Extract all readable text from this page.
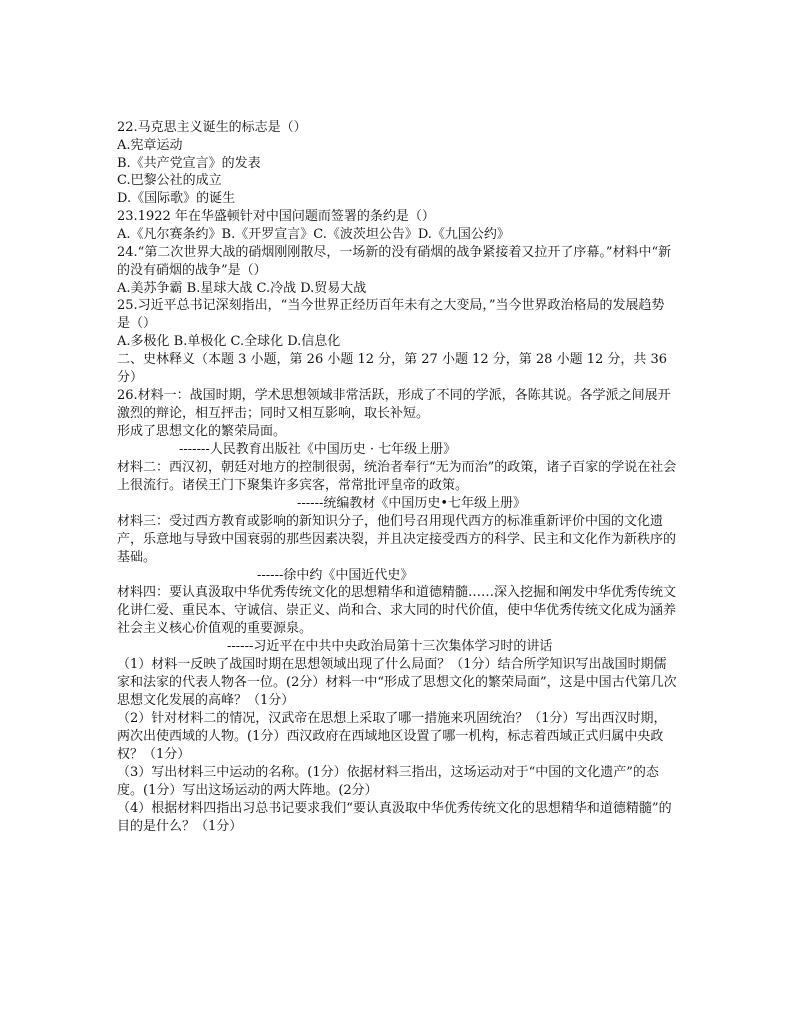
22.马克思主义诞生的标志是（）
A.宪章运动
B.《共产党宣言》的发表
C.巴黎公社的成立
D.《国际歌》的诞生
23.1922 年在华盛顿针对中国问题而签署的条约是（）
A.《凡尔赛条约》B.《开罗宣言》C.《波茨坦公告》D.《九国公约》
24.“第二次世界大战的硝烟刚刚散尽，一场新的没有硝烟的战争紧接着又拉开了序幕。”材料中“新的没有硝烟的战争”是（）
A.美苏争霸 B.星球大战 C.冷战 D.贸易大战
25.习近平总书记深刻指出，“当今世界正经历百年未有之大变局，”当今世界政治格局的发展趋势是（）
A.多极化 B.单极化 C.全球化 D.信息化
二、史林释义（本题 3 小题，第 26 小题 12 分，第 27 小题 12 分，第 28 小题 12 分，共 36 分）
26.材料一：战国时期，学术思想领域非常活跃，形成了不同的学派，各陈其说。各学派之间展开激烈的辩论，相互抨击；同时又相互影响，取长补短。
形成了思想文化的繁荣局面。
-------人民教育出版社《中国历史 · 七年级上册》
材料二：西汉初，朝廷对地方的控制很弱，统治者奉行“无为而治”的政策，诸子百家的学说在社会上很流行。诸侯王门下聚集许多宾客，常常批评皇帝的政策。
------统编教材《中国历史•七年级上册》
材料三：受过西方教育或影响的新知识分子，他们号召用现代西方的标准重新评价中国的文化遗产，乐意地与导致中国衰弱的那些因素决裂，并且决定接受西方的科学、民主和文化作为新秩序的基础。
------徐中约《中国近代史》
材料四：要认真汲取中华优秀传统文化的思想精华和道德精髓……深入挖掘和阐发中华优秀传统文化讲仁爱、重民本、守诚信、崇正义、尚和合、求大同的时代价值，使中华优秀传统文化成为涵养社会主义核心价值观的重要源泉。
------习近平在中共中央政治局第十三次集体学习时的讲话
（1）材料一反映了战国时期在思想领域出现了什么局面？（1分）结合所学知识写出战国时期儒家和法家的代表人物各一位。(2分）材料一中“形成了思想文化的繁荣局面”，这是中国古代第几次思想文化发展的高峰？（1分）
（2）针对材料二的情况，汉武帝在思想上采取了哪一措施来巩固统治？（1分）写出西汉时期，两次出使西域的人物。(1分）西汉政府在西域地区设置了哪一机构，标志着西域正式归属中央政权？（1分）
（3）写出材料三中运动的名称。(1分）依据材料三指出，这场运动对于“中国的文化遗产”的态度。(1分）写出这场运动的两大阵地。(2分）
（4）根据材料四指出习总书记要求我们“要认真汲取中华优秀传统文化的思想精华和道德精髓”的目的是什么？（1分）
